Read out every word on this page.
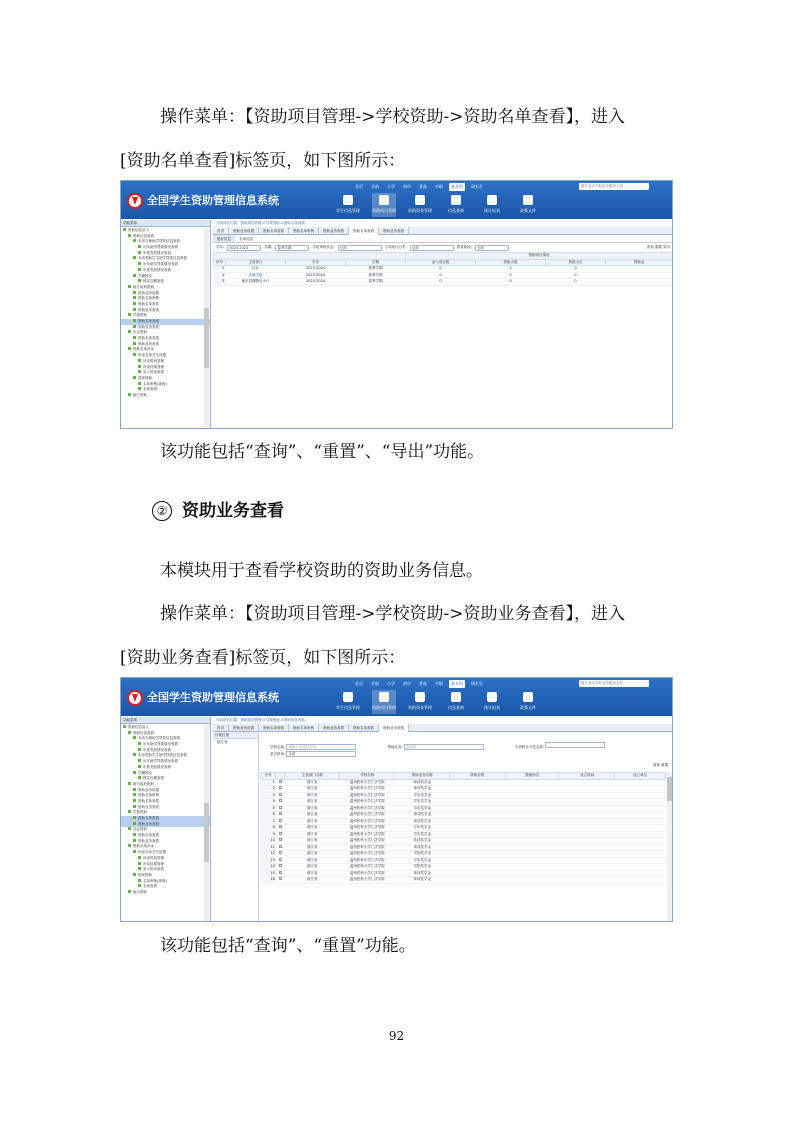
操作菜单：【资助项目管理->学校资助->资助名单查看】，进入

[资助名单查看]标签页，如下图所示：

全国学生资助管理信息系统
首页	学前	小学	初中	普高	中职	本专科	研究生	浙江省本专科业务服务人员
学生信息管理	资助项目管理	资助资金管理	信息查询	统计报表	政策文件
功能菜单
资助信息录入
资助信息查看
本省办理助学贷款信息查看
历年助学贷款情况查看
年度发放情况查看
本省奖助学生助学贷款信息查看
历年助学贷款情况查看
年度发放情况查看
学籍核实
核实近期查看
地方政府资助
资助业务设置
资助名单审核
资助名单查看
资助业务查看
学校资助
资助名单查看
资助业务查看
社会资助
资助名单查看
资助业务查看
资助名单补录
补录名单开关设置
补录时间管理
补录结果管理
录入时间查看
国家资助
名单审核(查询)
名单查看
地方资助
当前所在位置：资助项目管理->学校资助->资助名单查看
首页	资助业务设置	资助名单查看	资助名单审核	资助业务查看	资助名单查看	资助业务查看
统计信息	名单信息
学年:	2023-2024	学期:	春季学期	学校审核状态:	全部	专项统计分类:	全部	教育阶段:	全部	查询 重置 导出
				资助项目情况			
序号	主管部门	学年	学期	录入项目数	资助人数	资助人次	资助金
1	合计	2023-2024	春季学期	0	0	0	
2	省属学校	2023-2024	春季学期	0	0	0	
3	地市县调整后小计	2023-2024	春季学期	0	0	0	

该功能包括“查询”、“重置”、“导出”功能。

② 资助业务查看

本模块用于查看学校资助的资助业务信息。

操作菜单：【资助项目管理->学校资助->资助业务查看】，进入

[资助业务查看]标签页，如下图所示：

全国学生资助管理信息系统
首页	学前	小学	初中	普高	中职	本专科	研究生	浙江省本专科业务服务人员
学生信息管理	资助项目管理	资助资金管理	信息查询	统计报表	政策文件
功能菜单
资助信息录入
资助信息查看
本省办理助学贷款信息查看
历年助学贷款情况查看
年度发放情况查看
本省奖助学生助学贷款信息查看
历年助学贷款情况查看
年度发放情况查看
学籍核实
核实近期查看
地方政府资助
资助业务设置
资助名单审核
资助名单查看
资助业务查看
学校资助
资助名单查看
资助业务查看
社会资助
资助名单查看
资助业务查看
资助名单补录
补录名单开关设置
补录时间管理
补录结果管理
录入时间查看
国家资助
名单审核(查询)
名单查看
地方资助
当前所在位置：资助项目管理->学校资助->资助业务查看
首页	资助业务设置	资助名单查看	资助名单审核	资助业务查看	资助名单查看	资助业务查看
行政区划
浙江省
学校名称: 请输入或选择学校	资助业务: 请选择	专项统计分类名称:
是否停用: 全部
查询 重置
序号		主管部门名称	学校名称	资助业务名称	资助目的	资助形式	设立时间	设立单位
1		浙江省	温州医科大学仁济学院	单项奖学金				
2		浙江省	温州医科大学仁济学院	单项奖学金				
3		浙江省	温州医科大学仁济学院	学年奖学金				
4		浙江省	温州医科大学仁济学院	学年奖学金				
5		浙江省	温州医科大学仁济学院	学年奖学金				
6		浙江省	温州医科大学仁济学院	单项奖学金				
7		浙江省	温州医科大学仁济学院	单项奖学金				
8		浙江省	温州医科大学仁济学院	学年奖学金				
9		浙江省	温州医科大学仁济学院	学年奖学金				
10		浙江省	温州医科大学仁济学院	单项奖学金				
11		浙江省	温州医科大学仁济学院	单项奖学金				
12		浙江省	温州医科大学仁济学院	学院奖学金				
13		浙江省	温州医科大学仁济学院	学年奖学金				
14		浙江省	温州医科大学仁济学院	学院奖学金				
15		浙江省	温州医科大学仁济学院	单项奖学金				
16		浙江省	温州医科大学仁济学院	单项奖学金				

该功能包括“查询”、“重置”功能。

92
